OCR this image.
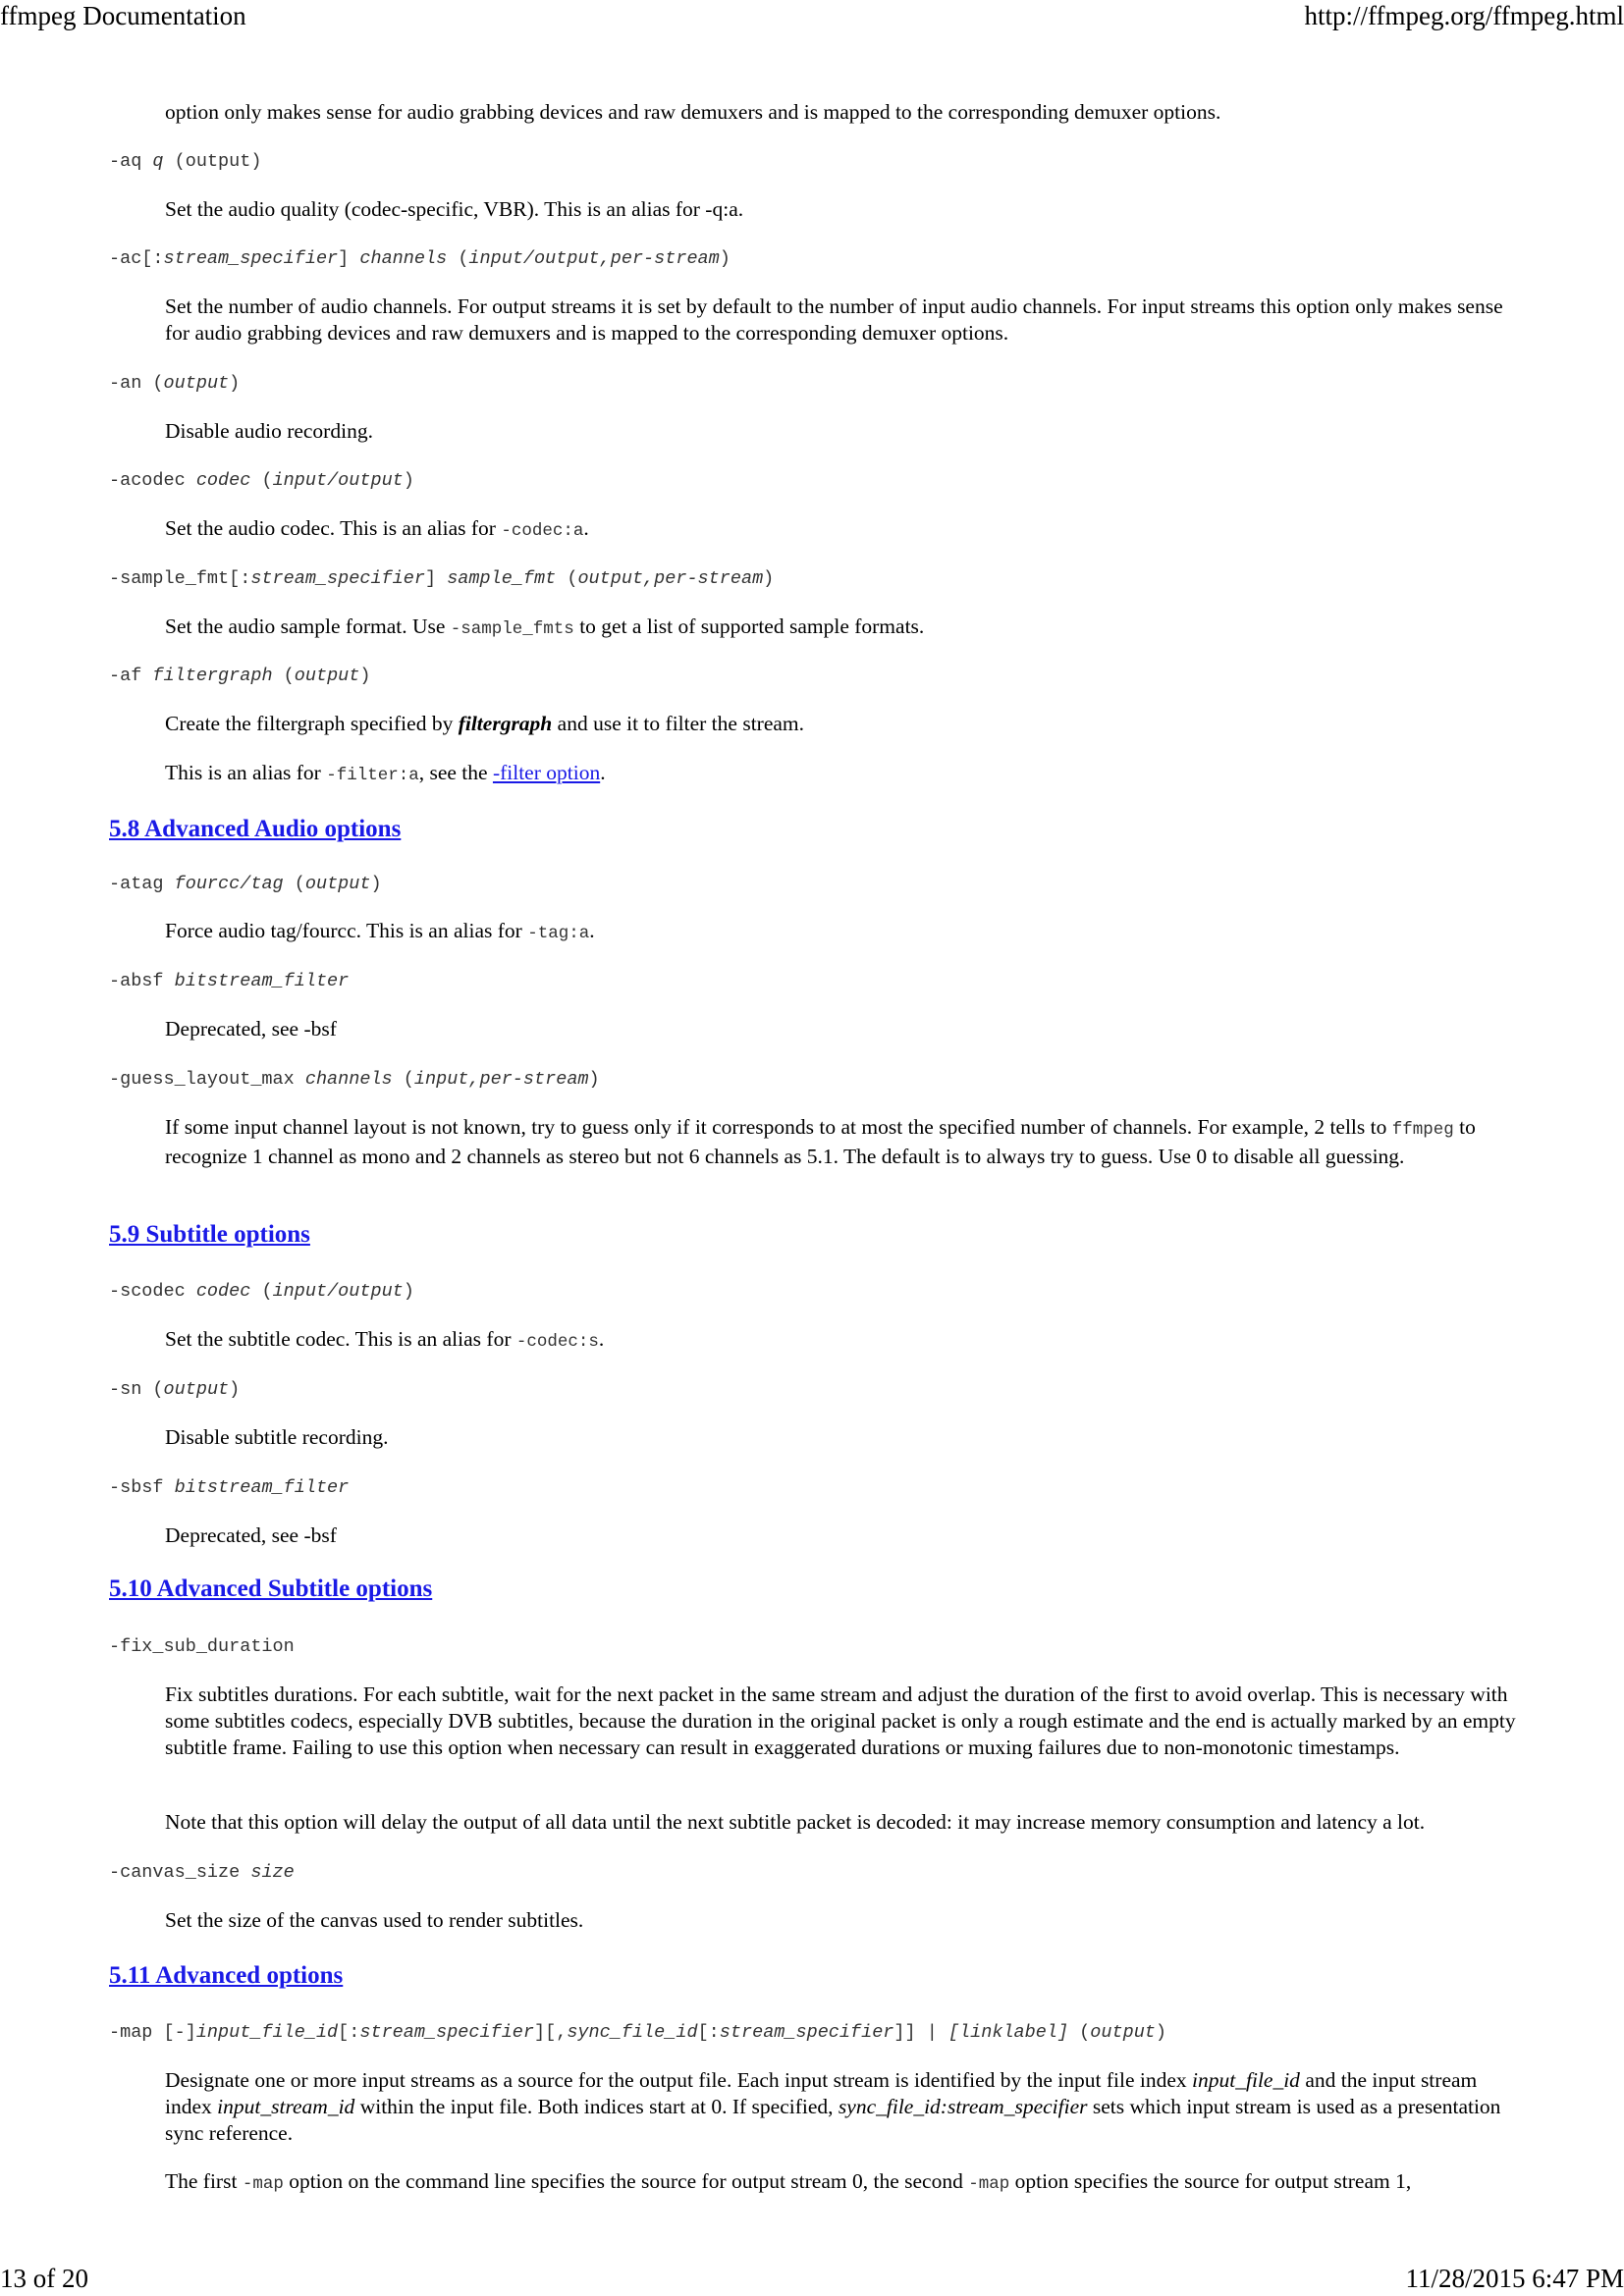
ffmpeg Documentation	http://ffmpeg.org/ffmpeg.html
option only makes sense for audio grabbing devices and raw demuxers and is mapped to the corresponding demuxer options.
-aq q (output)
Set the audio quality (codec-specific, VBR). This is an alias for -q:a.
-ac[:stream_specifier] channels (input/output,per-stream)
Set the number of audio channels. For output streams it is set by default to the number of input audio channels. For input streams this option only makes sense for audio grabbing devices and raw demuxers and is mapped to the corresponding demuxer options.
-an (output)
Disable audio recording.
-acodec codec (input/output)
Set the audio codec. This is an alias for -codec:a.
-sample_fmt[:stream_specifier] sample_fmt (output,per-stream)
Set the audio sample format. Use -sample_fmts to get a list of supported sample formats.
-af filtergraph (output)
Create the filtergraph specified by filtergraph and use it to filter the stream.
This is an alias for -filter:a, see the -filter option.
5.8 Advanced Audio options
-atag fourcc/tag (output)
Force audio tag/fourcc. This is an alias for -tag:a.
-absf bitstream_filter
Deprecated, see -bsf
-guess_layout_max channels (input,per-stream)
If some input channel layout is not known, try to guess only if it corresponds to at most the specified number of channels. For example, 2 tells to ffmpeg to recognize 1 channel as mono and 2 channels as stereo but not 6 channels as 5.1. The default is to always try to guess. Use 0 to disable all guessing.
5.9 Subtitle options
-scodec codec (input/output)
Set the subtitle codec. This is an alias for -codec:s.
-sn (output)
Disable subtitle recording.
-sbsf bitstream_filter
Deprecated, see -bsf
5.10 Advanced Subtitle options
-fix_sub_duration
Fix subtitles durations. For each subtitle, wait for the next packet in the same stream and adjust the duration of the first to avoid overlap. This is necessary with some subtitles codecs, especially DVB subtitles, because the duration in the original packet is only a rough estimate and the end is actually marked by an empty subtitle frame. Failing to use this option when necessary can result in exaggerated durations or muxing failures due to non-monotonic timestamps.
Note that this option will delay the output of all data until the next subtitle packet is decoded: it may increase memory consumption and latency a lot.
-canvas_size size
Set the size of the canvas used to render subtitles.
5.11 Advanced options
-map [-]input_file_id[:stream_specifier][,sync_file_id[:stream_specifier]] | [linklabel] (output)
Designate one or more input streams as a source for the output file. Each input stream is identified by the input file index input_file_id and the input stream index input_stream_id within the input file. Both indices start at 0. If specified, sync_file_id:stream_specifier sets which input stream is used as a presentation sync reference.
The first -map option on the command line specifies the source for output stream 0, the second -map option specifies the source for output stream 1,
13 of 20	11/28/2015 6:47 PM
